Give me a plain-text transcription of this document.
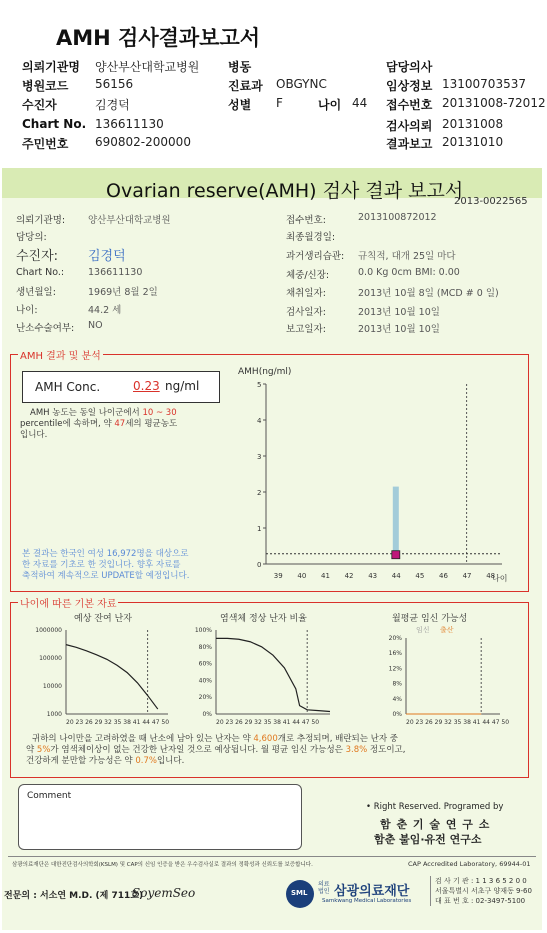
AMH 검사결과보고서
의뢰기관명 양산부산대학교병원 병동	담당의사
병원코드 56156	진료과 OBGYNC	임상정보 13100703537
수진자	김경덕	성별 F	나이 44 접수번호 20131008-72012
Chart No. 136611130	검사의뢰 20131008
주민번호 690802-200000	결과보고 20131010
Ovarian reserve(AMH) 검사 결과 보고서
2013-0022565
AMH 결과 및 분석
AMH Conc.	0.23 ng/ml
AMH 농도는 동일 나이군에서 10 ~ 30
percentile에 속하며, 약 47세의 평균농도
입니다.
본 결과는 한국인 여성 16,972명을 대상으로
한 자료를 기초로 한 것입니다. 향후 자료를
축적하여 계속적으로 UPDATE할 예정입니다.
AMH(ng/ml)
0
1
2
3
4
5
39 40 41 42 43 44 45 46 47 48
나이
나이에 따른 기본 자료
예상 잔여 난자
1000
10000
100000
1000000
20 23 26 29 32 35 38 41 44 47 50
염색체 정상 난자 비율
0%
20%
40%
60%
80%
100%
20 23 26 29 32 35 38 41 44 47 50
월평균 임신 가능성
임신 출산
0%
4%
8%
12%
16%
20%
20 23 26 29 32 35 38 41 44 47 50
귀하의 나이만을 고려하였을 때 난소에 남아 있는 난자는 약 4,600개로 추정되며, 배란되는 난자 중
약 5%가 염색체이상이 없는 건강한 난자일 것으로 예상됩니다. 월 평균 임신 가능성은 3.8% 정도이고,
건강하게 분만할 가능성은 약 0.7%입니다.
Comment
• Right Reserved. Programed by
함 춘 기 술 연 구 소
함춘 불임·유전 연구소
삼광의료재단은 대한진단검사의학회(KSLM) 및 CAP의 신임 인증을 받은 우수검사실로 결과의 정확성과 신뢰도를 보증합니다.	CAP Accredited Laboratory, 69944-01
전문의 : 서소연 M.D. (제 711호)
SoyemSeo	SML
의료법인 삼광의료재단
Samkwang Medical Laboratories
검 사 기 관 : 1 1 3 6 5 2 0 0
서울특별시 서초구 양재동 9-60
대 표 번 호 : 02-3497-5100
의뢰기관명: 양산부산대학교병원
담당의:
수진자: 김경덕
Chart No.:	136611130
생년월일:	1969년 8월 2일
나이:	44.2 세
난소수술여부: NO
접수번호:	2013100872012
최종월경일:
과거생리습관: 규칙적, 대개 25일 마다
체중/신장:	0.0 Kg 0cm BMI: 0.00
채취일자:	2013년 10월 8일 (MCD # 0 일)
검사일자:	2013년 10월 10일
보고일자:	2013년 10월 10일
